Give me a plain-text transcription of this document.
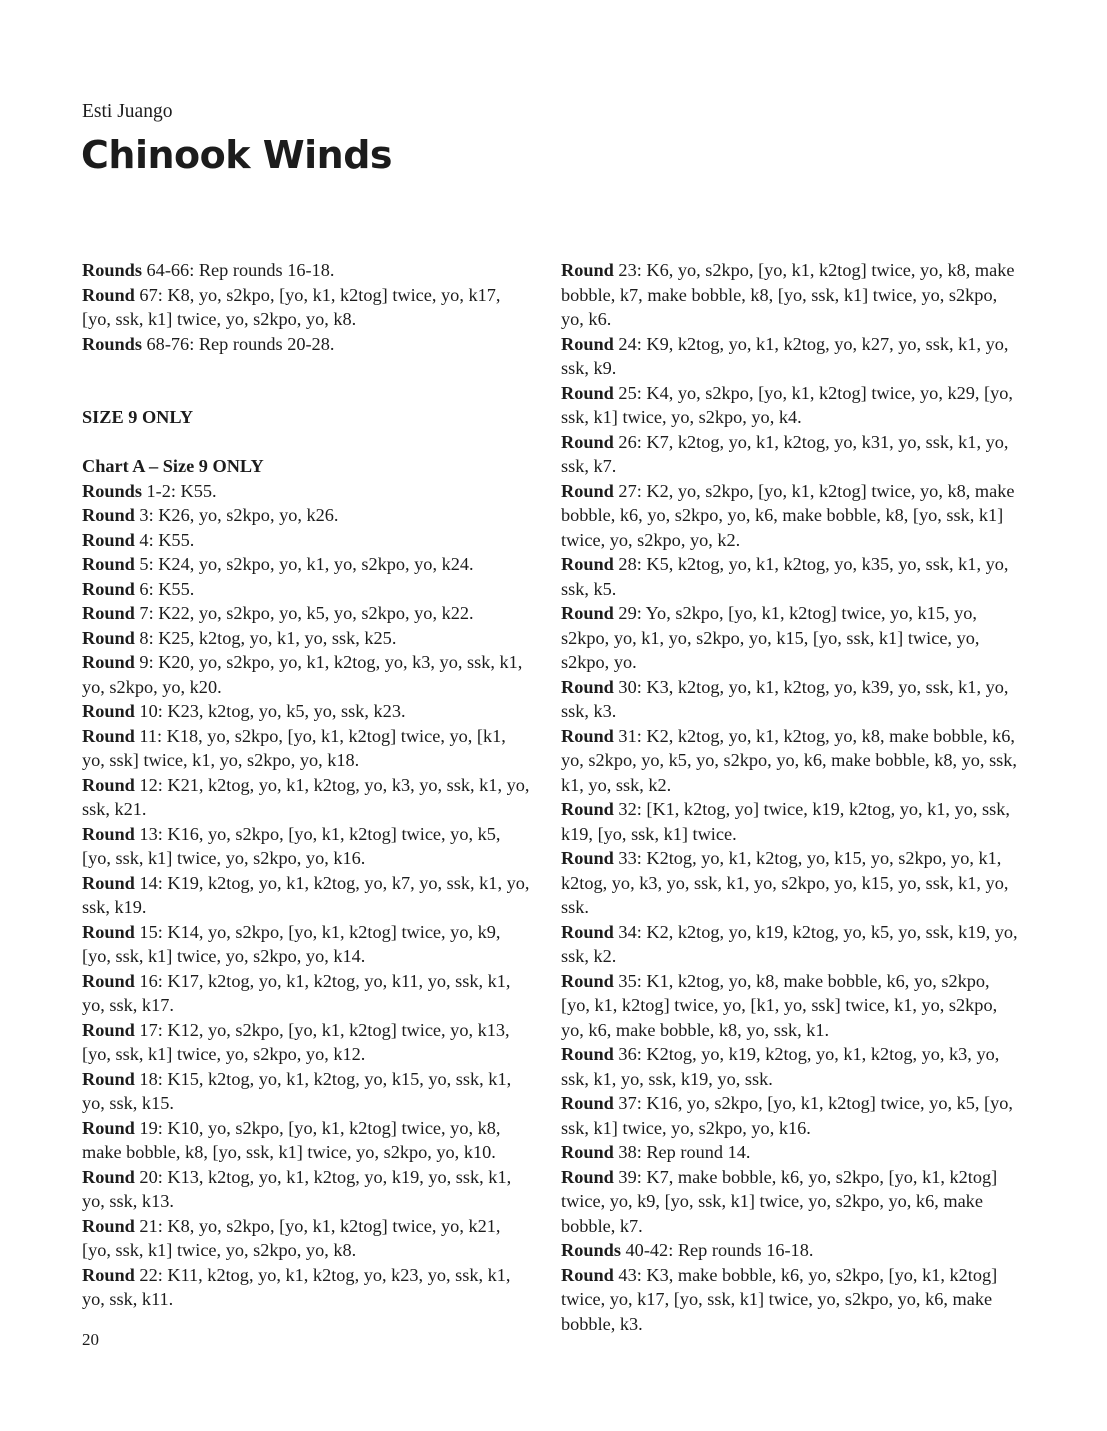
Esti Juango
Chinook Winds
Rounds 64-66: Rep rounds 16-18.
Round 67: K8, yo, s2kpo, [yo, k1, k2tog] twice, yo, k17, [yo, ssk, k1] twice, yo, s2kpo, yo, k8.
Rounds 68-76: Rep rounds 20-28.
SIZE 9 ONLY
Chart A – Size 9 ONLY
Rounds 1-2: K55.
Round 3: K26, yo, s2kpo, yo, k26.
Round 4: K55.
Round 5: K24, yo, s2kpo, yo, k1, yo, s2kpo, yo, k24.
Round 6: K55.
Round 7: K22, yo, s2kpo, yo, k5, yo, s2kpo, yo, k22.
Round 8: K25, k2tog, yo, k1, yo, ssk, k25.
Round 9: K20, yo, s2kpo, yo, k1, k2tog, yo, k3, yo, ssk, k1, yo, s2kpo, yo, k20.
Round 10: K23, k2tog, yo, k5, yo, ssk, k23.
Round 11: K18, yo, s2kpo, [yo, k1, k2tog] twice, yo, [k1, yo, ssk] twice, k1, yo, s2kpo, yo, k18.
Round 12: K21, k2tog, yo, k1, k2tog, yo, k3, yo, ssk, k1, yo, ssk, k21.
Round 13: K16, yo, s2kpo, [yo, k1, k2tog] twice, yo, k5, [yo, ssk, k1] twice, yo, s2kpo, yo, k16.
Round 14: K19, k2tog, yo, k1, k2tog, yo, k7, yo, ssk, k1, yo, ssk, k19.
Round 15: K14, yo, s2kpo, [yo, k1, k2tog] twice, yo, k9, [yo, ssk, k1] twice, yo, s2kpo, yo, k14.
Round 16: K17, k2tog, yo, k1, k2tog, yo, k11, yo, ssk, k1, yo, ssk, k17.
Round 17: K12, yo, s2kpo, [yo, k1, k2tog] twice, yo, k13, [yo, ssk, k1] twice, yo, s2kpo, yo, k12.
Round 18: K15, k2tog, yo, k1, k2tog, yo, k15, yo, ssk, k1, yo, ssk, k15.
Round 19: K10, yo, s2kpo, [yo, k1, k2tog] twice, yo, k8, make bobble, k8, [yo, ssk, k1] twice, yo, s2kpo, yo, k10.
Round 20: K13, k2tog, yo, k1, k2tog, yo, k19, yo, ssk, k1, yo, ssk, k13.
Round 21: K8, yo, s2kpo, [yo, k1, k2tog] twice, yo, k21, [yo, ssk, k1] twice, yo, s2kpo, yo, k8.
Round 22: K11, k2tog, yo, k1, k2tog, yo, k23, yo, ssk, k1, yo, ssk, k11.
Round 23: K6, yo, s2kpo, [yo, k1, k2tog] twice, yo, k8, make bobble, k7, make bobble, k8, [yo, ssk, k1] twice, yo, s2kpo, yo, k6.
Round 24: K9, k2tog, yo, k1, k2tog, yo, k27, yo, ssk, k1, yo, ssk, k9.
Round 25: K4, yo, s2kpo, [yo, k1, k2tog] twice, yo, k29, [yo, ssk, k1] twice, yo, s2kpo, yo, k4.
Round 26: K7, k2tog, yo, k1, k2tog, yo, k31, yo, ssk, k1, yo, ssk, k7.
Round 27: K2, yo, s2kpo, [yo, k1, k2tog] twice, yo, k8, make bobble, k6, yo, s2kpo, yo, k6, make bobble, k8, [yo, ssk, k1] twice, yo, s2kpo, yo, k2.
Round 28: K5, k2tog, yo, k1, k2tog, yo, k35, yo, ssk, k1, yo, ssk, k5.
Round 29: Yo, s2kpo, [yo, k1, k2tog] twice, yo, k15, yo, s2kpo, yo, k1, yo, s2kpo, yo, k15, [yo, ssk, k1] twice, yo, s2kpo, yo.
Round 30: K3, k2tog, yo, k1, k2tog, yo, k39, yo, ssk, k1, yo, ssk, k3.
Round 31: K2, k2tog, yo, k1, k2tog, yo, k8, make bobble, k6, yo, s2kpo, yo, k5, yo, s2kpo, yo, k6, make bobble, k8, yo, ssk, k1, yo, ssk, k2.
Round 32: [K1, k2tog, yo] twice, k19, k2tog, yo, k1, yo, ssk, k19, [yo, ssk, k1] twice.
Round 33: K2tog, yo, k1, k2tog, yo, k15, yo, s2kpo, yo, k1, k2tog, yo, k3, yo, ssk, k1, yo, s2kpo, yo, k15, yo, ssk, k1, yo, ssk.
Round 34: K2, k2tog, yo, k19, k2tog, yo, k5, yo, ssk, k19, yo, ssk, k2.
Round 35: K1, k2tog, yo, k8, make bobble, k6, yo, s2kpo, [yo, k1, k2tog] twice, yo, [k1, yo, ssk] twice, k1, yo, s2kpo, yo, k6, make bobble, k8, yo, ssk, k1.
Round 36: K2tog, yo, k19, k2tog, yo, k1, k2tog, yo, k3, yo, ssk, k1, yo, ssk, k19, yo, ssk.
Round 37: K16, yo, s2kpo, [yo, k1, k2tog] twice, yo, k5, [yo, ssk, k1] twice, yo, s2kpo, yo, k16.
Round 38: Rep round 14.
Round 39: K7, make bobble, k6, yo, s2kpo, [yo, k1, k2tog] twice, yo, k9, [yo, ssk, k1] twice, yo, s2kpo, yo, k6, make bobble, k7.
Rounds 40-42: Rep rounds 16-18.
Round 43: K3, make bobble, k6, yo, s2kpo, [yo, k1, k2tog] twice, yo, k17, [yo, ssk, k1] twice, yo, s2kpo, yo, k6, make bobble, k3.
20
